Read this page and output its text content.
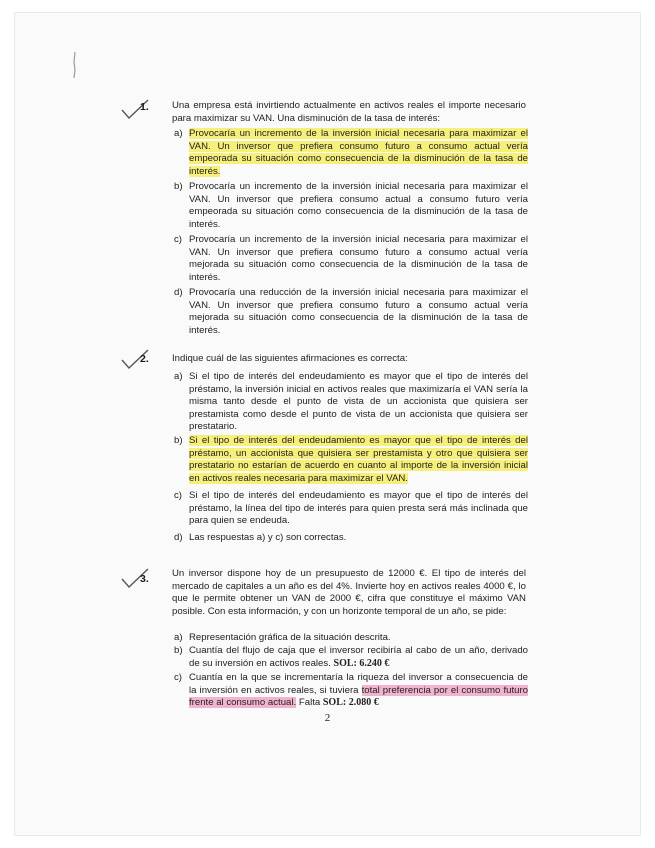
1. Una empresa está invirtiendo actualmente en activos reales el importe necesario para maximizar su VAN. Una disminución de la tasa de interés:
a) Provocaría un incremento de la inversión inicial necesaria para maximizar el VAN. Un inversor que prefiera consumo futuro a consumo actual vería empeorada su situación como consecuencia de la disminución de la tasa de interés.
b) Provocaría un incremento de la inversión inicial necesaria para maximizar el VAN. Un inversor que prefiera consumo actual a consumo futuro vería empeorada su situación como consecuencia de la disminución de la tasa de interés.
c) Provocaría un incremento de la inversión inicial necesaria para maximizar el VAN. Un inversor que prefiera consumo futuro a consumo actual vería mejorada su situación como consecuencia de la disminución de la tasa de interés.
d) Provocaría una reducción de la inversión inicial necesaria para maximizar el VAN. Un inversor que prefiera consumo futuro a consumo actual vería mejorada su situación como consecuencia de la disminución de la tasa de interés.
2. Indique cuál de las siguientes afirmaciones es correcta:
a) Si el tipo de interés del endeudamiento es mayor que el tipo de interés del préstamo, la inversión inicial en activos reales que maximizaría el VAN sería la misma tanto desde el punto de vista de un accionista que quisiera ser prestamista como desde el punto de vista de un accionista que quisiera ser prestatario.
b) Si el tipo de interés del endeudamiento es mayor que el tipo de interés del préstamo, un accionista que quisiera ser prestamista y otro que quisiera ser prestatario no estarían de acuerdo en cuanto al importe de la inversión inicial en activos reales necesaria para maximizar el VAN.
c) Si el tipo de interés del endeudamiento es mayor que el tipo de interés del préstamo, la línea del tipo de interés para quien presta será más inclinada que para quien se endeuda.
d) Las respuestas a) y c) son correctas.
3. Un inversor dispone hoy de un presupuesto de 12000 €. El tipo de interés del mercado de capitales a un año es del 4%. Invierte hoy en activos reales 4000 €, lo que le permite obtener un VAN de 2000 €, cifra que constituye el máximo VAN posible. Con esta información, y con un horizonte temporal de un año, se pide:
a) Representación gráfica de la situación descrita.
b) Cuantía del flujo de caja que el inversor recibiría al cabo de un año, derivado de su inversión en activos reales. SOL: 6.240 €
c) Cuantía en la que se incrementaría la riqueza del inversor a consecuencia de la inversión en activos reales, si tuviera total preferencia por el consumo futuro frente al consumo actual. Falta SOL: 2.080 €
2
